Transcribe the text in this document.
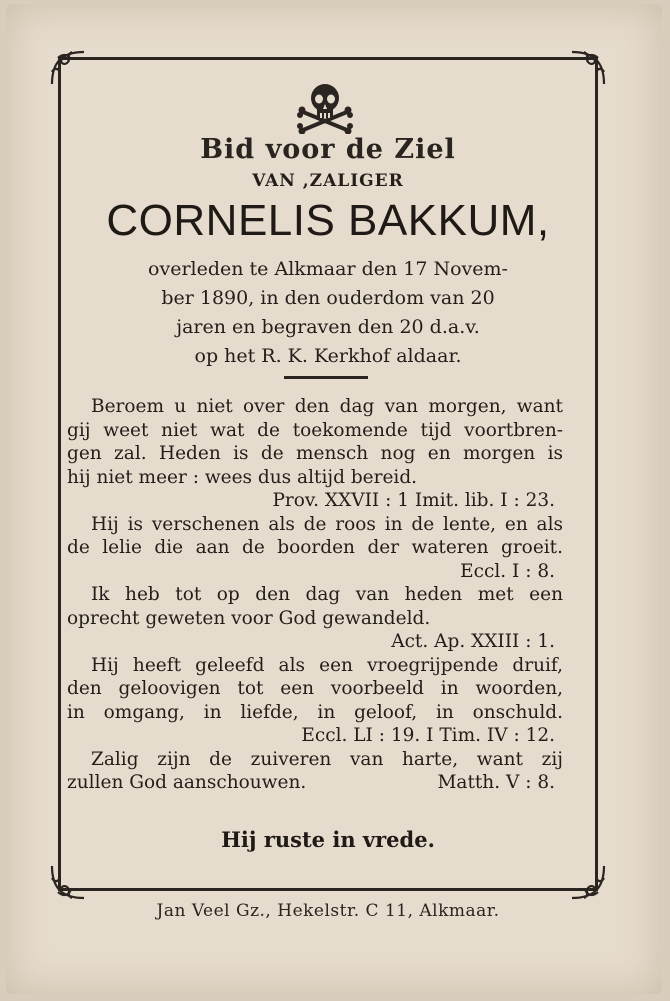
Bid voor de Ziel
VAN ,ZALIGER
CORNELIS BAKKUM,
overleden te Alkmaar den 17 Novem-
ber 1890, in den ouderdom van 20
jaren en begraven den 20 d.a.v.
op het R. K. Kerkhof aldaar.
Beroem u niet over den dag van morgen, want
gij weet niet wat de toekomende tijd voortbren-
gen zal. Heden is de mensch nog en morgen is
hij niet meer : wees dus altijd bereid.
Prov. XXVII : 1 Imit. lib. I : 23.
Hij is verschenen als de roos in de lente, en als
de lelie die aan de boorden der wateren groeit.
Eccl. I : 8.
Ik heb tot op den dag van heden met een
oprecht geweten voor God gewandeld.
Act. Ap. XXIII : 1.
Hij heeft geleefd als een vroegrijpende druif,
den geloovigen tot een voorbeeld in woorden,
in omgang, in liefde, in geloof, in onschuld.
Eccl. LI : 19. I Tim. IV : 12.
Zalig zijn de zuiveren van harte, want zij
zullen God aanschouwen.	Matth. V : 8.
Hij ruste in vrede.
Jan Veel Gz., Hekelstr. C 11, Alkmaar.
